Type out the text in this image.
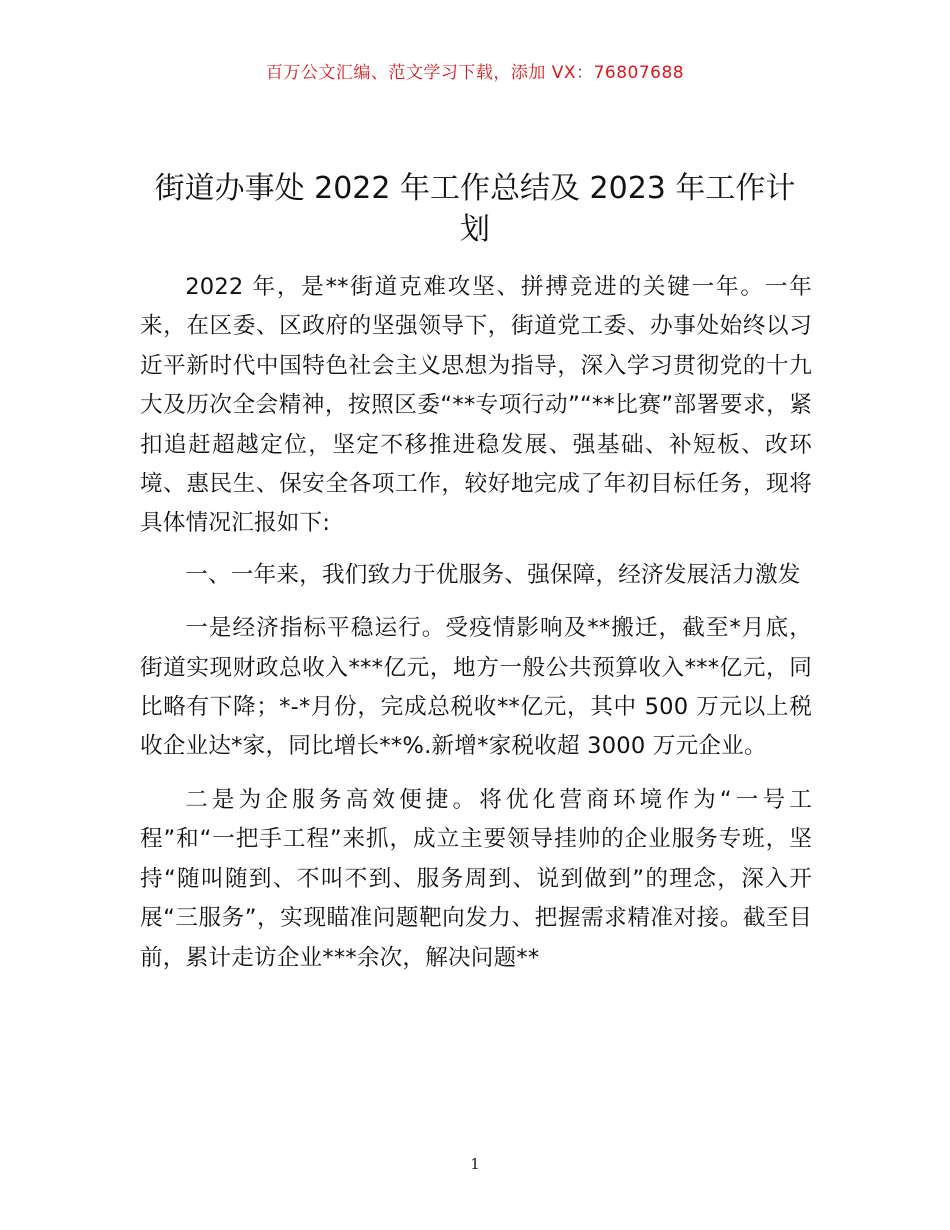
百万公文汇编、范文学习下载，添加 VX：76807688
街道办事处 2022 年工作总结及 2023 年工作计划

2022 年，是**街道克难攻坚、拼搏竞进的关键一年。一年来，在区委、区政府的坚强领导下，街道党工委、办事处始终以习近平新时代中国特色社会主义思想为指导，深入学习贯彻党的十九大及历次全会精神，按照区委“**专项行动”“**比赛”部署要求，紧扣追赶超越定位，坚定不移推进稳发展、强基础、补短板、改环境、惠民生、保安全各项工作，较好地完成了年初目标任务，现将具体情况汇报如下:

一、一年来，我们致力于优服务、强保障，经济发展活力激发

一是经济指标平稳运行。受疫情影响及**搬迁，截至*月底，街道实现财政总收入***亿元，地方一般公共预算收入***亿元，同比略有下降；*-*月份，完成总税收**亿元，其中 500 万元以上税收企业达*家，同比增长**%.新增*家税收超 3000 万元企业。

二是为企服务高效便捷。将优化营商环境作为“一号工程”和“一把手工程”来抓，成立主要领导挂帅的企业服务专班，坚持“随叫随到、不叫不到、服务周到、说到做到”的理念，深入开展“三服务”，实现瞄准问题靶向发力、把握需求精准对接。截至目前，累计走访企业***余次，解决问题**

1
